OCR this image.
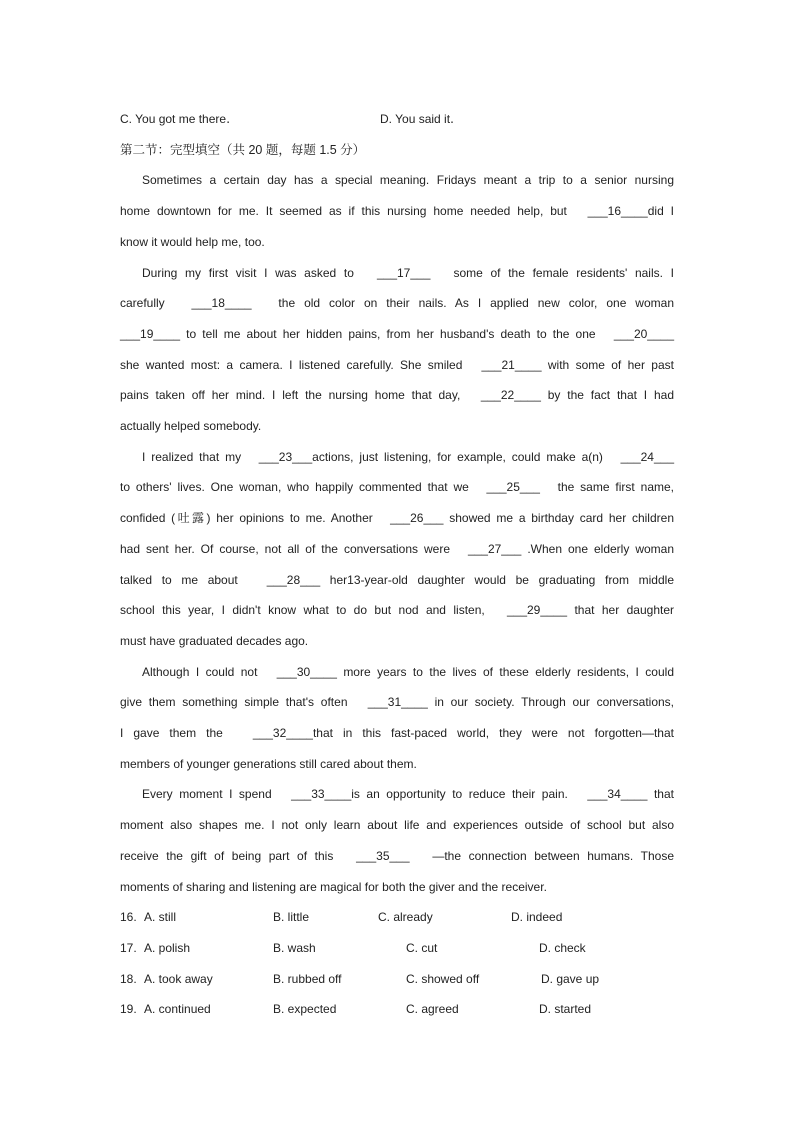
C. You got me there․	D. You said it․
第二节：完型填空（共 20 题，每题 1.5 分）
Sometimes a certain day has a special meaning. Fridays meant a trip to a senior nursing
home downtown for me. It seemed as if this nursing home needed help, but   ___16____did I
know it would help me, too.
During my first visit I was asked to   ___17___   some of the female residents' nails. I
carefully   ___18____   the old color on their nails. As I applied new color, one woman
___19____ to tell me about her hidden pains, from her husband's death to the one   ___20____
she wanted most: a camera. I listened carefully. She smiled   ___21____ with some of her past
pains taken off her mind. I left the nursing home that day,   ___22____ by the fact that I had
actually helped somebody.
I realized that my   ___23___actions, just listening, for example, could make a(n)   ___24___
to others' lives. One woman, who happily commented that we   ___25___   the same first name,
confided (吐露) her opinions to me. Another   ___26___ showed me a birthday card her children
had sent her. Of course, not all of the conversations were   ___27___ .When one elderly woman
talked to me about   ___28___ her13-year-old daughter would be graduating from middle
school this year, I didn't know what to do but nod and listen,   ___29____ that her daughter
must have graduated decades ago.
Although I could not   ___30____ more years to the lives of these elderly residents, I could
give them something simple that's often   ___31____ in our society. Through our conversations,
I gave them the   ___32____that in this fast-paced world, they were not forgotten—that
members of younger generations still cared about them.
Every moment I spend   ___33____is an opportunity to reduce their pain.   ___34____ that
moment also shapes me. I not only learn about life and experiences outside of school but also
receive the gift of being part of this   ___35___   —the connection between humans. Those
moments of sharing and listening are magical for both the giver and the receiver.
16. A. still	B. little	C. already	D. indeed
17. A. polish	B. wash	C. cut	D. check
18. A. took away	B. rubbed off	C. showed off	D. gave up
19. A. continued	B. expected	C. agreed	D. started
